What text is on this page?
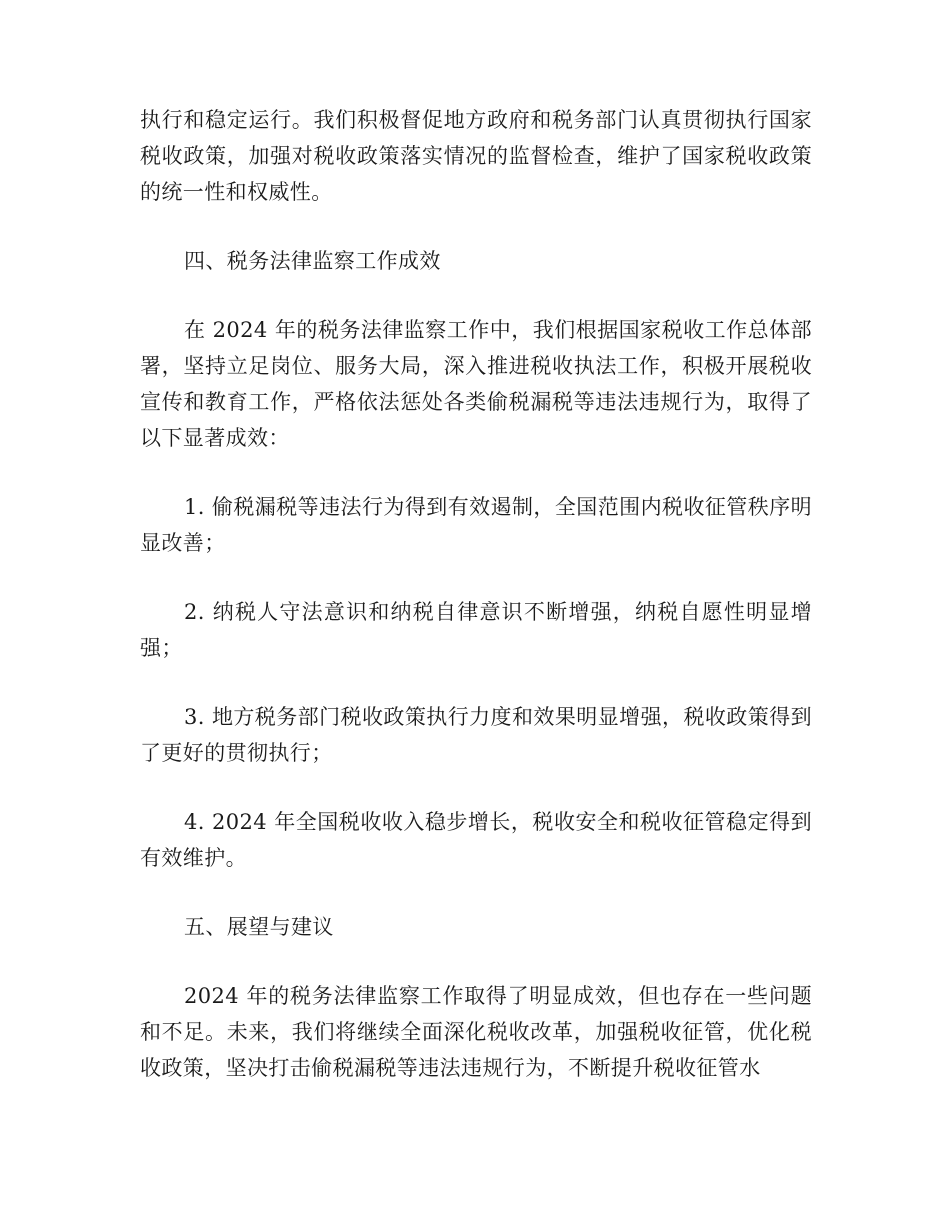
执行和稳定运行。我们积极督促地方政府和税务部门认真贯彻执行国家税收政策，加强对税收政策落实情况的监督检查，维护了国家税收政策的统一性和权威性。

四、税务法律监察工作成效

在 2024 年的税务法律监察工作中，我们根据国家税收工作总体部署，坚持立足岗位、服务大局，深入推进税收执法工作，积极开展税收宣传和教育工作，严格依法惩处各类偷税漏税等违法违规行为，取得了以下显著成效：

1. 偷税漏税等违法行为得到有效遏制，全国范围内税收征管秩序明显改善；

2. 纳税人守法意识和纳税自律意识不断增强，纳税自愿性明显增强；

3. 地方税务部门税收政策执行力度和效果明显增强，税收政策得到了更好的贯彻执行；

4. 2024 年全国税收收入稳步增长，税收安全和税收征管稳定得到有效维护。

五、展望与建议

2024 年的税务法律监察工作取得了明显成效，但也存在一些问题和不足。未来，我们将继续全面深化税收改革，加强税收征管，优化税收政策，坚决打击偷税漏税等违法违规行为，不断提升税收征管水
